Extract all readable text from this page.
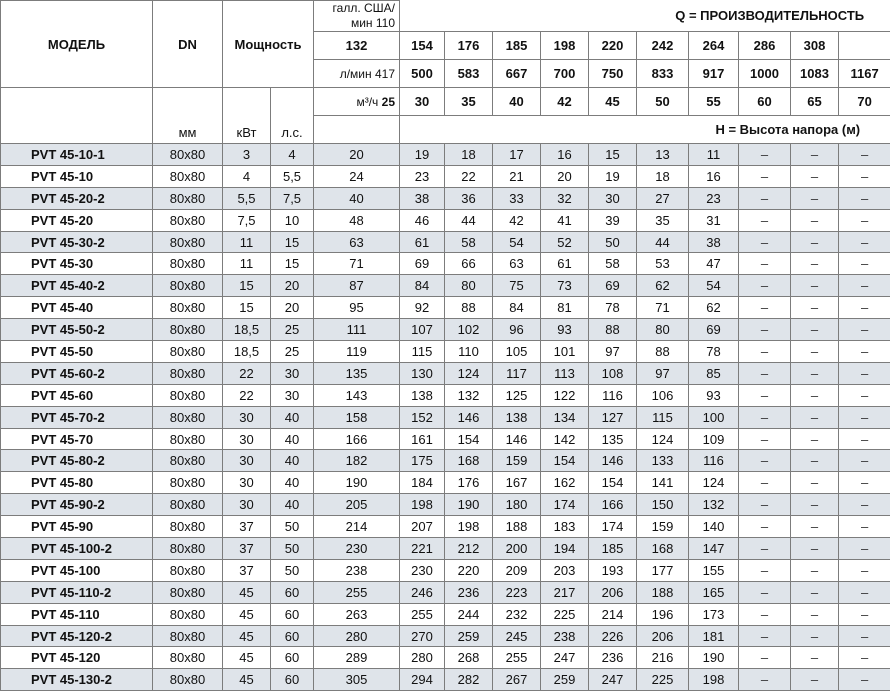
МОДЕЛЬ	DN	Мощность		галл. США/ мин 110	Q = ПРОИЗВОДИТЕЛЬНОСТЬ									
				132	154	176	185	198	220	242	264	286	308	
				л/мин 417	500	583	667	700	750	833	917	1000	1083	1167
	мм	кВт	л.с.	м³/ч 25	30	35	40	42	45	50	55	60	65	70
					H = Высота напора (м)									
PVT 45-10-1	80x80	3	4	20	19	18	17	16	15	13	11	–	–	–
PVT 45-10	80x80	4	5,5	24	23	22	21	20	19	18	16	–	–	–
PVT 45-20-2	80x80	5,5	7,5	40	38	36	33	32	30	27	23	–	–	–
PVT 45-20	80x80	7,5	10	48	46	44	42	41	39	35	31	–	–	–
PVT 45-30-2	80x80	11	15	63	61	58	54	52	50	44	38	–	–	–
PVT 45-30	80x80	11	15	71	69	66	63	61	58	53	47	–	–	–
PVT 45-40-2	80x80	15	20	87	84	80	75	73	69	62	54	–	–	–
PVT 45-40	80x80	15	20	95	92	88	84	81	78	71	62	–	–	–
PVT 45-50-2	80x80	18,5	25	111	107	102	96	93	88	80	69	–	–	–
PVT 45-50	80x80	18,5	25	119	115	110	105	101	97	88	78	–	–	–
PVT 45-60-2	80x80	22	30	135	130	124	117	113	108	97	85	–	–	–
PVT 45-60	80x80	22	30	143	138	132	125	122	116	106	93	–	–	–
PVT 45-70-2	80x80	30	40	158	152	146	138	134	127	115	100	–	–	–
PVT 45-70	80x80	30	40	166	161	154	146	142	135	124	109	–	–	–
PVT 45-80-2	80x80	30	40	182	175	168	159	154	146	133	116	–	–	–
PVT 45-80	80x80	30	40	190	184	176	167	162	154	141	124	–	–	–
PVT 45-90-2	80x80	30	40	205	198	190	180	174	166	150	132	–	–	–
PVT 45-90	80x80	37	50	214	207	198	188	183	174	159	140	–	–	–
PVT 45-100-2	80x80	37	50	230	221	212	200	194	185	168	147	–	–	–
PVT 45-100	80x80	37	50	238	230	220	209	203	193	177	155	–	–	–
PVT 45-110-2	80x80	45	60	255	246	236	223	217	206	188	165	–	–	–
PVT 45-110	80x80	45	60	263	255	244	232	225	214	196	173	–	–	–
PVT 45-120-2	80x80	45	60	280	270	259	245	238	226	206	181	–	–	–
PVT 45-120	80x80	45	60	289	280	268	255	247	236	216	190	–	–	–
PVT 45-130-2	80x80	45	60	305	294	282	267	259	247	225	198	–	–	–
